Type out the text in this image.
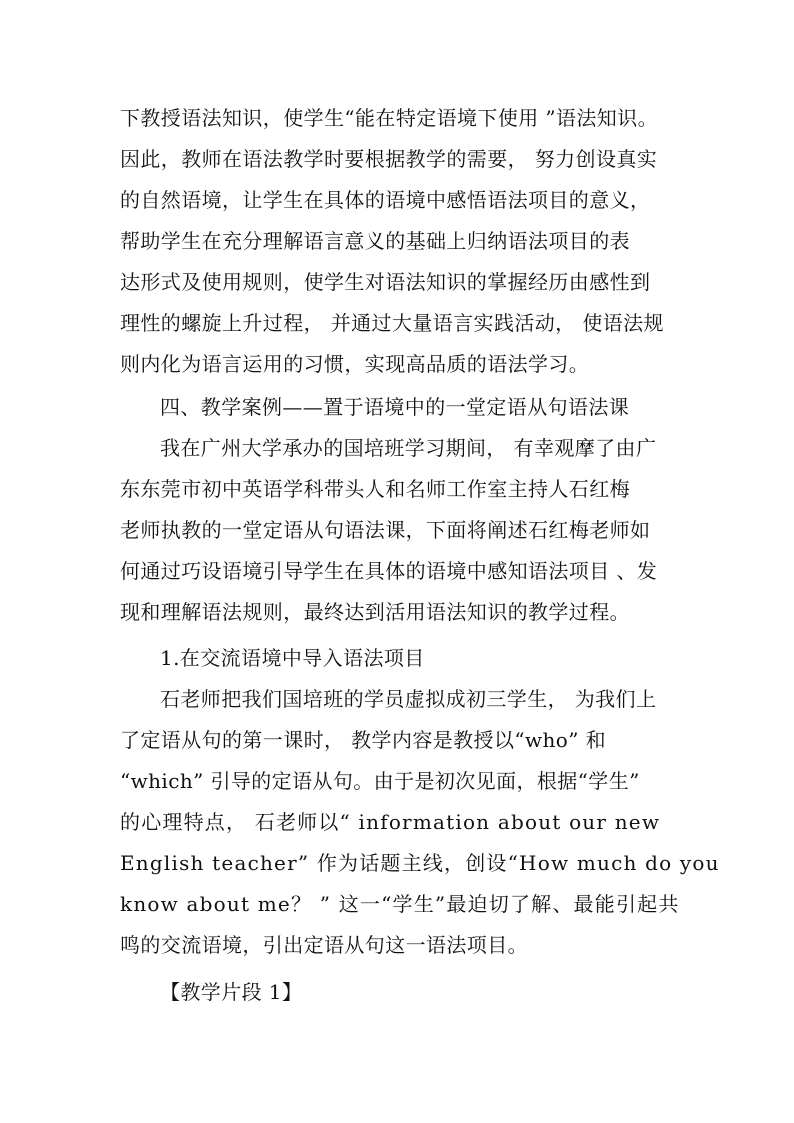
下教授语法知识，使学生“能在特定语境下使用 ”语法知识。
因此，教师在语法教学时要根据教学的需要， 努力创设真实
的自然语境，让学生在具体的语境中感悟语法项目的意义，
帮助学生在充分理解语言意义的基础上归纳语法项目的表
达形式及使用规则，使学生对语法知识的掌握经历由感性到
理性的螺旋上升过程， 并通过大量语言实践活动， 使语法规
则内化为语言运用的习惯，实现高品质的语法学习。
四、教学案例——置于语境中的一堂定语从句语法课
我在广州大学承办的国培班学习期间， 有幸观摩了由广
东东莞市初中英语学科带头人和名师工作室主持人石红梅
老师执教的一堂定语从句语法课，下面将阐述石红梅老师如
何通过巧设语境引导学生在具体的语境中感知语法项目 、发
现和理解语法规则，最终达到活用语法知识的教学过程。
1.在交流语境中导入语法项目
石老师把我们国培班的学员虚拟成初三学生， 为我们上
了定语从句的第一课时， 教学内容是教授以“who” 和
“which” 引导的定语从句。由于是初次见面，根据“学生”
的心理特点， 石老师以“ information about our new
English teacher” 作为话题主线，创设“How much do you
know about me？ ” 这一“学生”最迫切了解、最能引起共
鸣的交流语境，引出定语从句这一语法项目。
【教学片段 1】
